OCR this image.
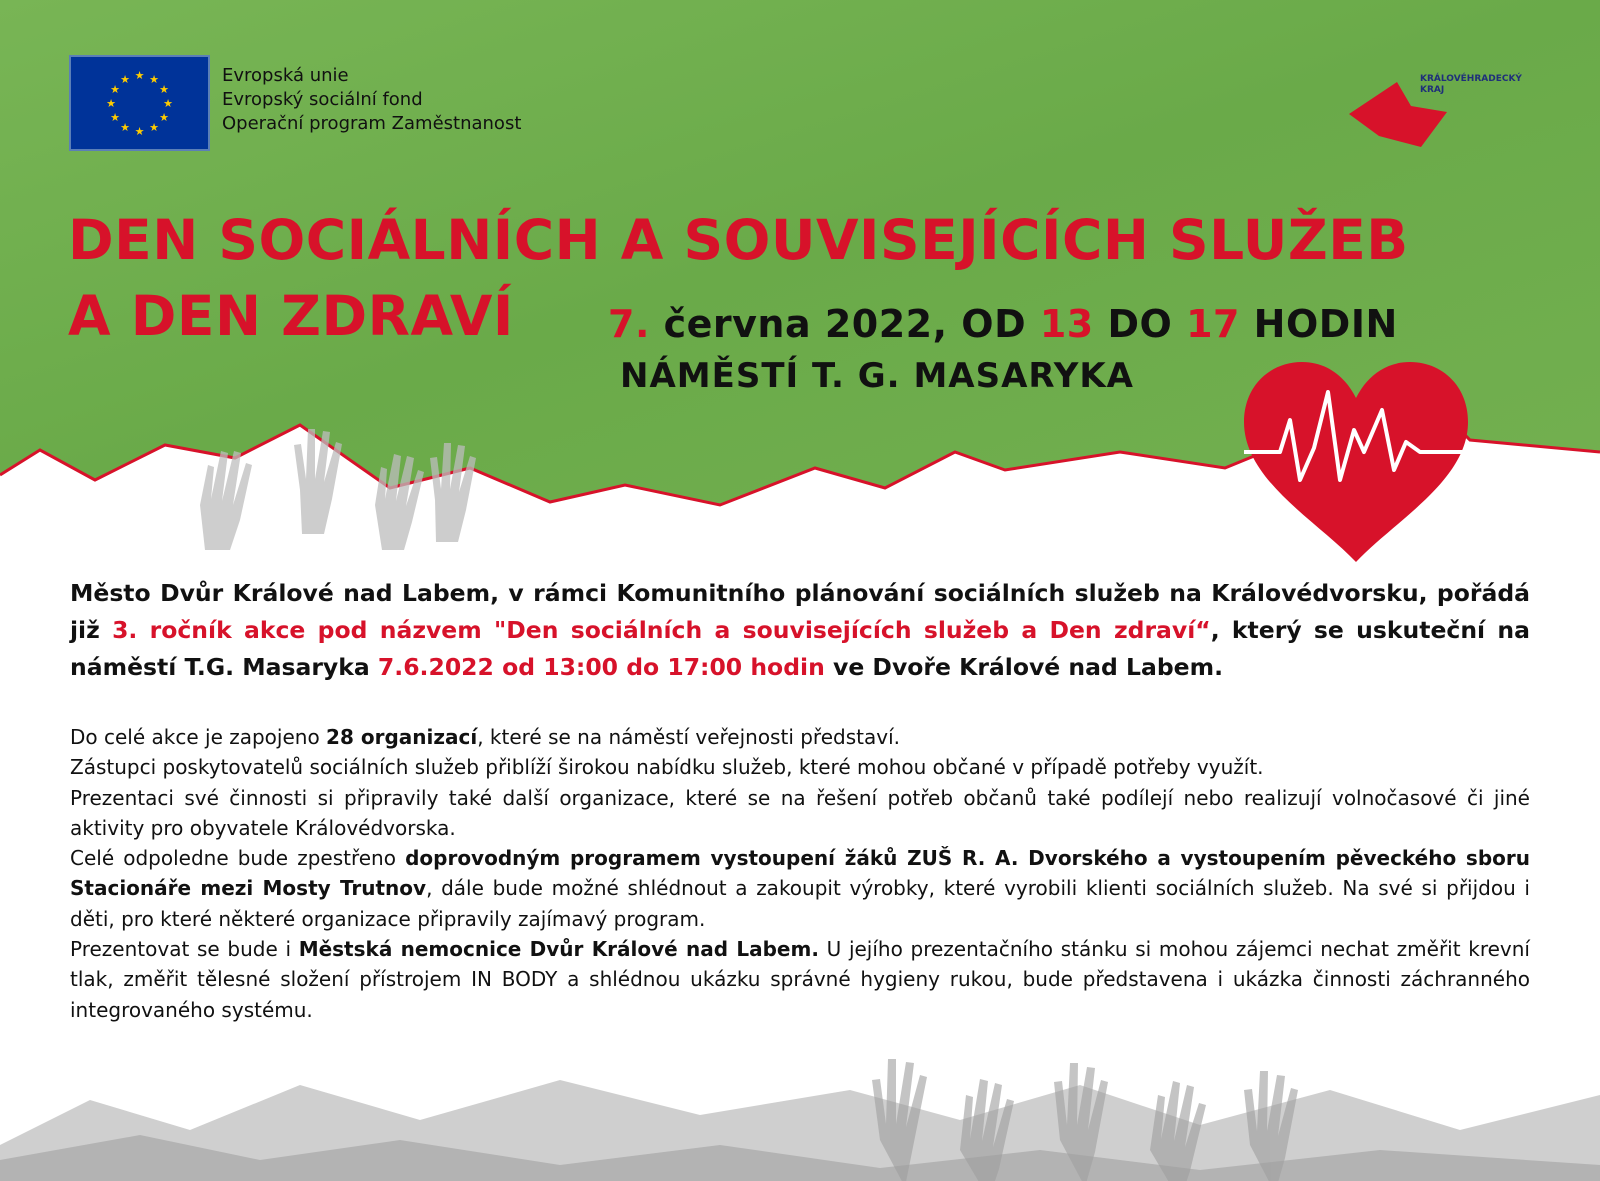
★ ★
★
★
★
★
★
★
★
★
★
★	Evropská unie
Evropský sociální fond
Operační program Zaměstnanost
KRÁLOVÉHRADECKÝ
KRAJ
DEN SOCIÁLNÍCH A SOUVISEJÍCÍCH SLUŽEB
A DEN ZDRAVÍ 7. června 2022, OD 13 DO 17 HODIN
NÁMĚSTÍ T. G. MASARYKA
Město Dvůr Králové nad Labem, v rámci Komunitního plánování sociálních služeb na Královédvorsku, pořádá již 3. ročník akce pod názvem "Den sociálních a souvisejících služeb a Den zdraví“, který se uskuteční na náměstí T.G. Masaryka 7.6.2022 od 13:00 do 17:00 hodin ve Dvoře Králové nad Labem.

Do celé akce je zapojeno 28 organizací, které se na náměstí veřejnosti představí.

Zástupci poskytovatelů sociálních služeb přiblíží širokou nabídku služeb, které mohou občané v případě potřeby využít.

Prezentaci své činnosti si připravily také další organizace, které se na řešení potřeb občanů také podílejí nebo realizují volnočasové či jiné aktivity pro obyvatele Královédvorska.

Celé odpoledne bude zpestřeno doprovodným programem vystoupení žáků ZUŠ R. A. Dvorského a vystoupením pěveckého sboru Stacionáře mezi Mosty Trutnov, dále bude možné shlédnout a zakoupit výrobky, které vyrobili klienti sociálních služeb. Na své si přijdou i děti, pro které některé organizace připravily zajímavý program.

Prezentovat se bude i Městská nemocnice Dvůr Králové nad Labem. U jejího prezentačního stánku si mohou zájemci nechat změřit krevní tlak, změřit tělesné složení přístrojem IN BODY a shlédnou ukázku správné hygieny rukou, bude představena i ukázka činnosti záchranného integrovaného systému.
